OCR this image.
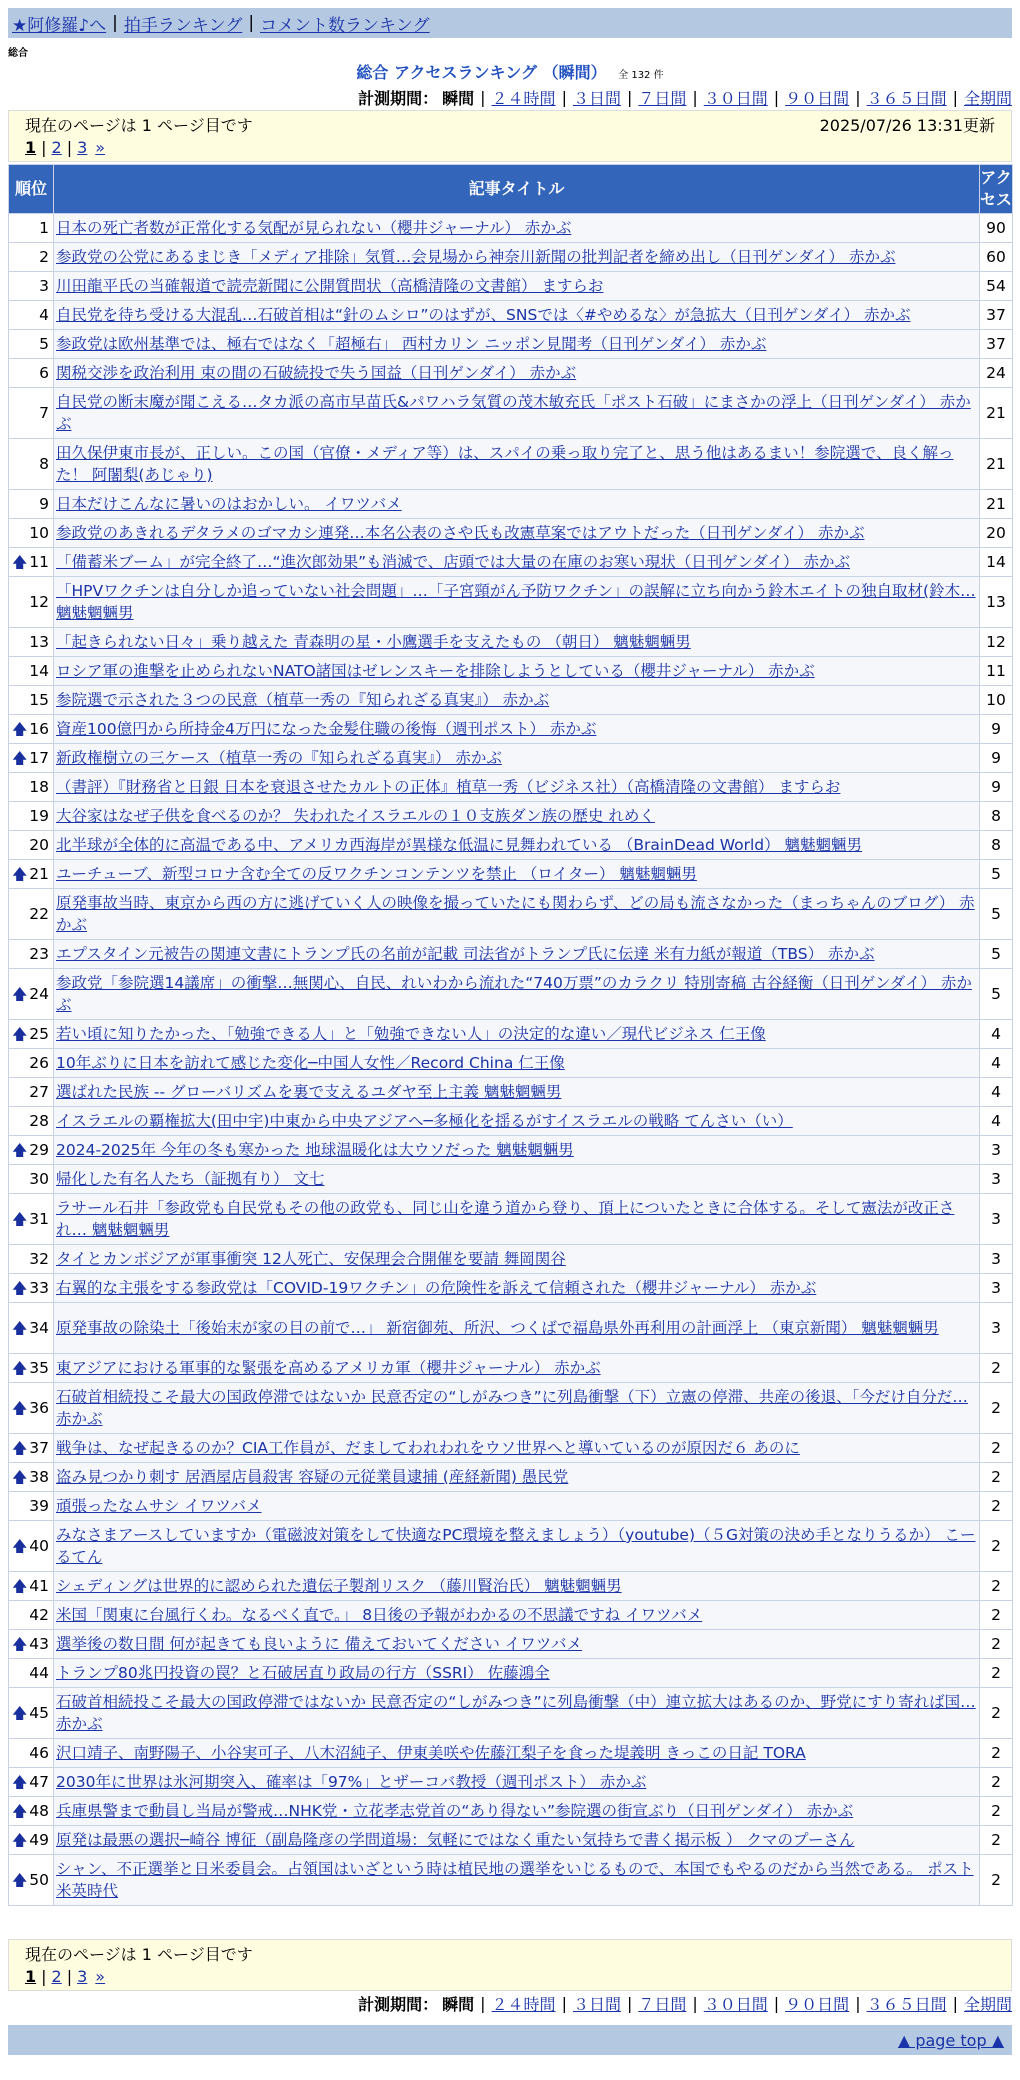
★阿修羅♪へ | 拍手ランキング | コメント数ランキング
総合
総合 アクセスランキング （瞬間） 全 132 件
計測期間： 瞬間 | ２４時間 | ３日間 | ７日間 | ３０日間 | ９０日間 | ３６５日間 | 全期間
現在のページは 1 ページ目です	2025/07/26 13:31更新
1 | 2 | 3 »
順位	記事タイトル	アクセス
1	日本の死亡者数が正常化する気配が見られない（櫻井ジャーナル） 赤かぶ	90
2	参政党の公党にあるまじき「メディア排除」気質…会見場から神奈川新聞の批判記者を締め出し（日刊ゲンダイ） 赤かぶ	60
3	川田龍平氏の当確報道で読売新聞に公開質問状（高橋清隆の文書館） ますらお	54
4	自民党を待ち受ける大混乱…石破首相は“針のムシロ”のはずが、SNSでは〈#やめるな〉が急拡大（日刊ゲンダイ） 赤かぶ	37
5	参政党は欧州基準では、極右ではなく「超極右」 西村カリン ニッポン見聞考（日刊ゲンダイ） 赤かぶ	37
6	関税交渉を政治利用 束の間の石破続投で失う国益（日刊ゲンダイ） 赤かぶ	24
7	自民党の断末魔が聞こえる…タカ派の高市早苗氏&パワハラ気質の茂木敏充氏「ポスト石破」にまさかの浮上（日刊ゲンダイ） 赤かぶ	21
8	田久保伊東市長が、正しい。この国（官僚・メディア等）は、スパイの乗っ取り完了と、思う他はあるまい！参院選で、良く解った！ 阿闍梨(あじゃり)	21
9	日本だけこんなに暑いのはおかしい。 イワツバメ	21
10	参政党のあきれるデタラメのゴマカシ連発…本名公表のさや氏も改憲草案ではアウトだった（日刊ゲンダイ） 赤かぶ	20

🡅 11	「備蓄米ブーム」が完全終了…“進次郎効果”も消滅で、店頭では大量の在庫のお寒い現状（日刊ゲンダイ） 赤かぶ	14
12	「HPVワクチンは自分しか追っていない社会問題」…「子宮頸がん予防ワクチン」の誤解に立ち向かう鈴木エイトの独自取材(鈴木… 魑魅魍魎男	13
13	「起きられない日々」乗り越えた 青森明の星・小鷹選手を支えたもの （朝日） 魑魅魍魎男	12
14	ロシア軍の進撃を止められないNATO諸国はゼレンスキーを排除しようとしている（櫻井ジャーナル） 赤かぶ	11
15	参院選で示された３つの民意（植草一秀の『知られざる真実』） 赤かぶ	10

🡅 16	資産100億円から所持金4万円になった金髪住職の後悔（週刊ポスト） 赤かぶ	9

🡅 17	新政権樹立の三ケース（植草一秀の『知られざる真実』） 赤かぶ	9
18	（書評）『財務省と日銀 日本を衰退させたカルトの正体』植草一秀（ビジネス社）（高橋清隆の文書館） ますらお	9
19	大谷家はなぜ子供を食べるのか？ 失われたイスラエルの１０支族ダン族の歴史 れめく	8
20	北半球が全体的に高温である中、アメリカ西海岸が異様な低温に見舞われている （BrainDead World） 魑魅魍魎男	8

🡅 21	ユーチューブ、新型コロナ含む全ての反ワクチンコンテンツを禁止 （ロイター） 魑魅魍魎男	5
22	原発事故当時、東京から西の方に逃げていく人の映像を撮っていたにも関わらず、どの局も流さなかった（まっちゃんのブログ） 赤かぶ	5
23	エプスタイン元被告の関連文書にトランプ氏の名前が記載 司法省がトランプ氏に伝達 米有力紙が報道（TBS） 赤かぶ	5

🡅 24	参政党「参院選14議席」の衝撃…無関心、自民、れいわから流れた“740万票”のカラクリ 特別寄稿 古谷経衡（日刊ゲンダイ） 赤かぶ	5

🡅 25	若い頃に知りたかった、「勉強できる人」と「勉強できない人」の決定的な違い／現代ビジネス 仁王像	4
26	10年ぶりに日本を訪れて感じた変化─中国人女性／Record China 仁王像	4
27	選ばれた民族 -- グローバリズムを裏で支えるユダヤ至上主義 魑魅魍魎男	4
28	イスラエルの覇権拡大(田中宇)中東から中央アジアへ─多極化を揺るがすイスラエルの戦略 てんさい（い）	4

🡅 29	2024-2025年 今年の冬も寒かった 地球温暖化は大ウソだった 魑魅魍魎男	3
30	帰化した有名人たち（証拠有り） 文七	3

🡅 31	ラサール石井「参政党も自民党もその他の政党も、同じ山を違う道から登り、頂上についたときに合体する。そして憲法が改正され… 魑魅魍魎男	3
32	タイとカンボジアが軍事衝突 12人死亡、安保理会合開催を要請 舞岡関谷	3

🡅 33	右翼的な主張をする参政党は「COVID-19ワクチン」の危険性を訴えて信頼された（櫻井ジャーナル） 赤かぶ	3

🡅 34	原発事故の除染土「後始末が家の目の前で…」 新宿御苑、所沢、つくばで福島県外再利用の計画浮上 （東京新聞） 魑魅魍魎男	3

🡅 35	東アジアにおける軍事的な緊張を高めるアメリカ軍（櫻井ジャーナル） 赤かぶ	2

🡅 36	石破首相続投こそ最大の国政停滞ではないか 民意否定の“しがみつき”に列島衝撃（下）立憲の停滞、共産の後退、「今だけ自分だ… 赤かぶ	2

🡅 37	戦争は、なぜ起きるのか？CIA工作員が、だましてわれわれをウソ世界へと導いているのが原因だ６ あのに	2

🡅 38	盗み見つかり刺す 居酒屋店員殺害 容疑の元従業員逮捕 (産経新聞) 愚民党	2
39	頑張ったなムサシ イワツバメ	2

🡅 40	みなさまアースしていますか（電磁波対策をして快適なPC環境を整えましょう）（youtube)（５G対策の決め手となりうるか） こーるてん	2

🡅 41	シェディングは世界的に認められた遺伝子製剤リスク （藤川賢治氏） 魑魅魍魎男	2
42	米国「関東に台風行くわ。なるべく直で。」 8日後の予報がわかるの不思議ですね イワツバメ	2

🡅 43	選挙後の数日間 何が起きても良いように 備えておいてください イワツバメ	2
44	トランプ80兆円投資の罠？と石破居直り政局の行方（SSRI） 佐藤鴻全	2

🡅 45	石破首相続投こそ最大の国政停滞ではないか 民意否定の“しがみつき”に列島衝撃（中）連立拡大はあるのか、野党にすり寄れば国… 赤かぶ	2
46	沢口靖子、南野陽子、小谷実可子、八木沼純子、伊東美咲や佐藤江梨子を食った堤義明 きっこの日記 TORA	2

🡅 47	2030年に世界は氷河期突入、確率は「97%」とザーコバ教授（週刊ポスト） 赤かぶ	2

🡅 48	兵庫県警まで動員し当局が警戒…NHK党・立花孝志党首の“あり得ない”参院選の街宣ぶり（日刊ゲンダイ） 赤かぶ	2

🡅 49	原発は最悪の選択─崎谷 博征（副島隆彦の学問道場：気軽にではなく重たい気持ちで書く掲示板 ） クマのプーさん	2

🡅 50	シャン、不正選挙と日米委員会。占領国はいざという時は植民地の選挙をいじるもので、本国でもやるのだから当然である。 ポスト米英時代	2
現在のページは 1 ページ目です
1 | 2 | 3 »
計測期間： 瞬間 | ２４時間 | ３日間 | ７日間 | ３０日間 | ９０日間 | ３６５日間 | 全期間
▲ page top ▲
